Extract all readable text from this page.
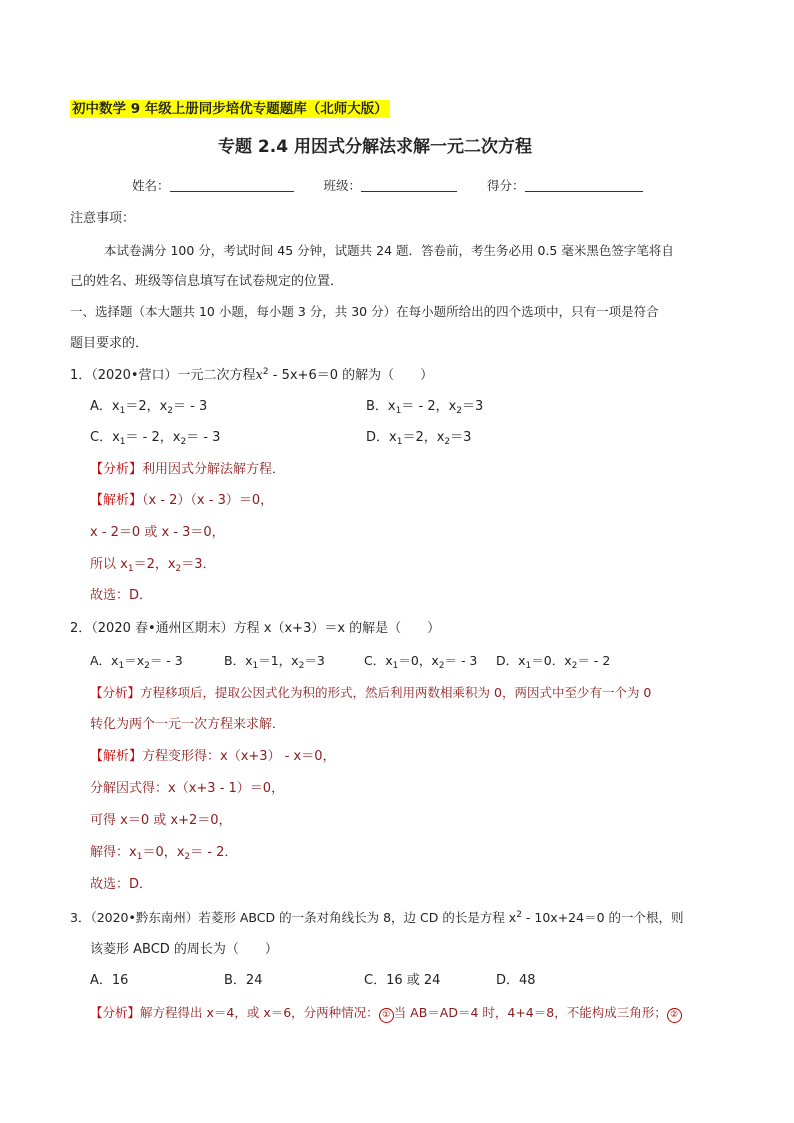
初中数学 9 年级上册同步培优专题题库（北师大版）
专题 2.4 用因式分解法求解一元二次方程
姓名：	班级：	得分：
注意事项：
本试卷满分 100 分，考试时间 45 分钟，试题共 24 题．答卷前，考生务必用 0.5 毫米黑色签字笔将自
己的姓名、班级等信息填写在试卷规定的位置．
一、选择题（本大题共 10 小题，每小题 3 分，共 30 分）在每小题所给出的四个选项中，只有一项是符合
题目要求的．
1．（2020•营口）一元二次方程$x^2 - 5x+6=0$ 的解为（　　）
A．$x_1=2$，$x_2= - 3$	B．$x_1= - 2$，$x_2=3$
C．$x_1= - 2$，$x_2= - 3$	D．$x_1=2$，$x_2=3$
【分析】利用因式分解法解方程．
【解析】（x - 2）（x - 3）＝0，
x - 2＝0 或 x - 3＝0，
所以 $x_1=2$，$x_2=3$．
故选：D．
2．（2020 春•通州区期末）方程 x（x+3）＝x 的解是（　　）
A．$x_1=x_2= - 3$	B．$x_1=1$，$x_2=3$	C．$x_1=0$，$x_2= - 3$ D．$x_1=0$．$x_2= - 2$
【分析】方程移项后，提取公因式化为积的形式，然后利用两数相乘积为 0，两因式中至少有一个为 0
转化为两个一元一次方程来求解．
【解析】方程变形得：x（x+3） - x＝0，
分解因式得：x（x+3 - 1）＝0，
可得 x＝0 或 x+2＝0，
解得：$x_1=0$，$x_2= - 2$．
故选：D．
3．（2020•黔东南州）若菱形 ABCD 的一条对角线长为 8，边 CD 的长是方程 $x^2 - 10x+24=0$ 的一个根，则
该菱形 ABCD 的周长为（　　）
A．16	B．24	C．16 或 24	D．48
【分析】解方程得出 x＝4，或 x＝6，分两种情况： ① 当 AB＝AD＝4 时，4+4＝8，不能构成三角形； ②
